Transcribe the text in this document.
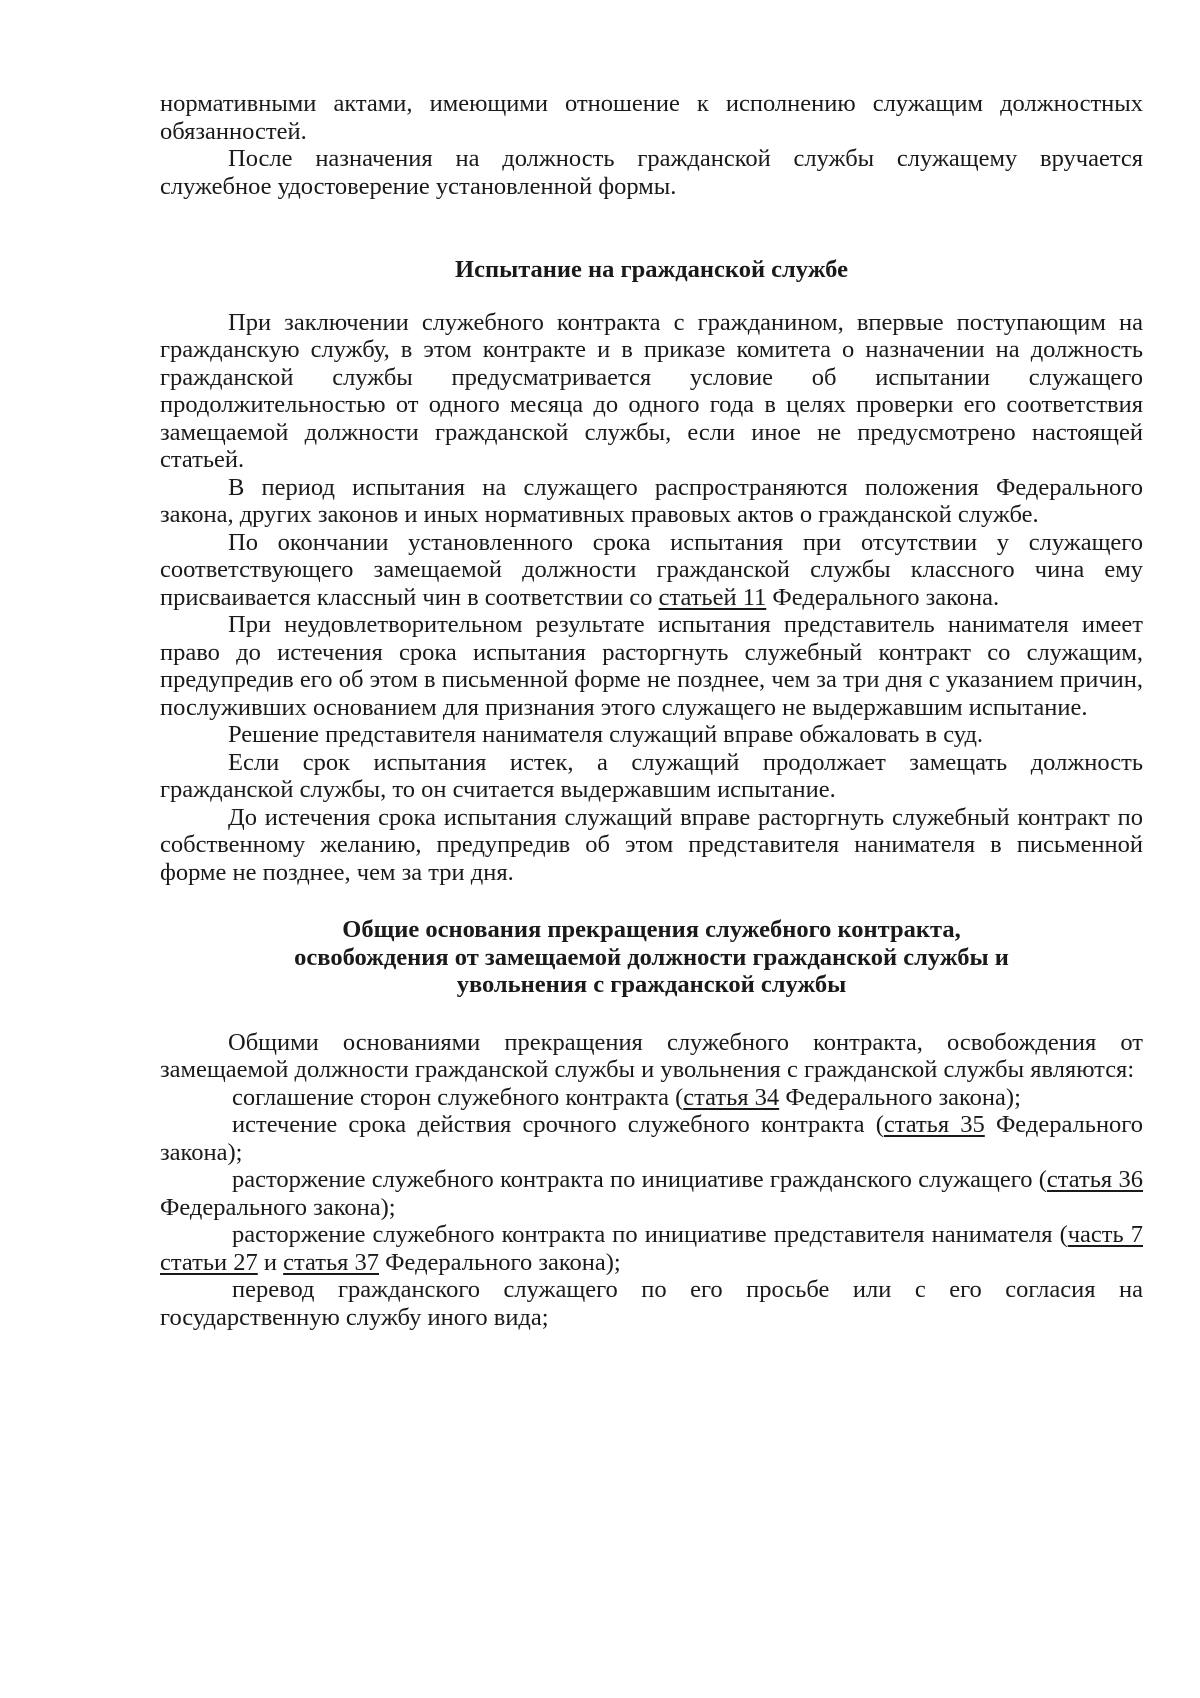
нормативными актами, имеющими отношение к исполнению служащим должностных обязанностей.

После назначения на должность гражданской службы служащему вручается служебное удостоверение установленной формы.

Испытание на гражданской службе

При заключении служебного контракта с гражданином, впервые поступающим на гражданскую службу, в этом контракте и в приказе комитета о назначении на должность гражданской службы предусматривается условие об испытании служащего продолжительностью от одного месяца до одного года в целях проверки его соответствия замещаемой должности гражданской службы, если иное не предусмотрено настоящей статьей.

В период испытания на служащего распространяются положения Федерального закона, других законов и иных нормативных правовых актов о гражданской службе.

По окончании установленного срока испытания при отсутствии у служащего соответствующего замещаемой должности гражданской службы классного чина ему присваивается классный чин в соответствии со статьей 11 Федерального закона.

При неудовлетворительном результате испытания представитель нанимателя имеет право до истечения срока испытания расторгнуть служебный контракт со служащим, предупредив его об этом в письменной форме не позднее, чем за три дня с указанием причин, послуживших основанием для признания этого служащего не выдержавшим испытание.

Решение представителя нанимателя служащий вправе обжаловать в суд.

Если срок испытания истек, а служащий продолжает замещать должность гражданской службы, то он считается выдержавшим испытание.

До истечения срока испытания служащий вправе расторгнуть служебный контракт по собственному желанию, предупредив об этом представителя нанимателя в письменной форме не позднее, чем за три дня.

Общие основания прекращения служебного контракта,
освобождения от замещаемой должности гражданской службы и
увольнения с гражданской службы

Общими основаниями прекращения служебного контракта, освобождения от замещаемой должности гражданской службы и увольнения с гражданской службы являются:

соглашение сторон служебного контракта (статья 34 Федерального закона);

истечение срока действия срочного служебного контракта (статья 35 Федерального закона);

расторжение служебного контракта по инициативе гражданского служащего (статья 36 Федерального закона);

расторжение служебного контракта по инициативе представителя нанимателя (часть 7 статьи 27 и статья 37 Федерального закона);

перевод гражданского служащего по его просьбе или с его согласия на государственную службу иного вида;
